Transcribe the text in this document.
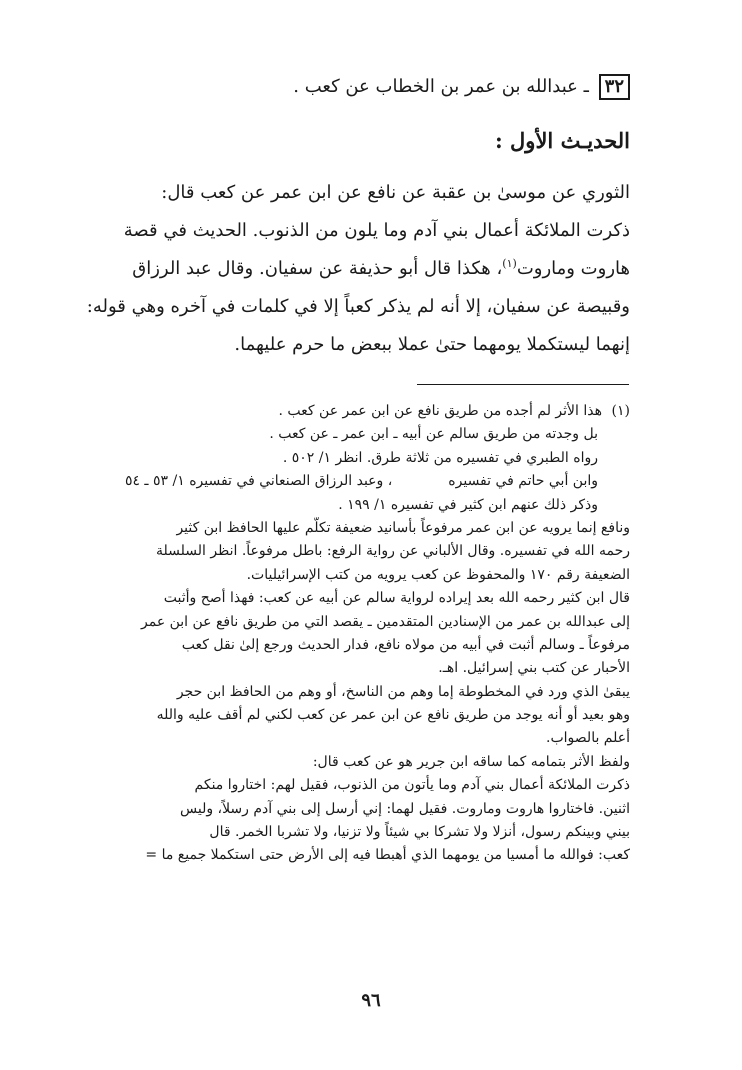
٣٢ ـ عبدالله بن عمر بن الخطاب عن كعب .
الحديـث الأول :
الثوري عن موسىٰ بن عقبة عن نافع عن ابن عمر عن كعب قال:
ذكرت الملائكة أعمال بني آدم وما يلون من الذنوب. الحديث في قصة
هاروت وماروت$^{(١)}$، هكذا قال أبو حذيفة عن سفيان. وقال عبد الرزاق
وقبيصة عن سفيان، إلا أنه لم يذكر كعباً إلا في كلمات في آخره وهي قوله:
إنهما ليستكملا يومهما حتىٰ عملا ببعض ما حرم عليهما.
(١)هذا الأثر لم أجده من طريق نافع عن ابن عمر عن كعب .
بل وجدته من طريق سالم عن أبيه ـ ابن عمر ـ عن كعب .
رواه الطبري في تفسيره من ثلاثة طرق. انظر ١/ ٥٠٢ .
وابن أبي حاتم في تفسيره، وعبد الرزاق الصنعاني في تفسيره ١/ ٥٣ ـ ٥٤
وذكر ذلك عنهم ابن كثير في تفسيره ١/ ١٩٩ .
ونافع إنما يرويه عن ابن عمر مرفوعاً بأسانيد ضعيفة تكلّم عليها الحافظ ابن كثير
رحمه الله في تفسيره. وقال الألباني عن رواية الرفع: باطل مرفوعاً. انظر السلسلة
الضعيفة رقم ١٧٠ والمحفوظ عن كعب يرويه من كتب الإسرائيليات.
قال ابن كثير رحمه الله بعد إيراده لرواية سالم عن أبيه عن كعب: فهذا أصح وأثبت
إلى عبدالله بن عمر من الإسنادين المتقدمين ـ يقصد التي من طريق نافع عن ابن عمر
مرفوعاً ـ وسالم أثبت في أبيه من مولاه نافع، فدار الحديث ورجع إلىٰ نقل كعب
الأحبار عن كتب بني إسرائيل. اهـ.
يبقىٰ الذي ورد في المخطوطة إما وهم من الناسخ، أو وهم من الحافظ ابن حجر
وهو بعيد أو أنه يوجد من طريق نافع عن ابن عمر عن كعب لكني لم أقف عليه والله
أعلم بالصواب.
ولفظ الأثر بتمامه كما ساقه ابن جرير هو عن كعب قال:
ذكرت الملائكة أعمال بني آدم وما يأتون من الذنوب، فقيل لهم: اختاروا منكم
اثنين. فاختاروا هاروت وماروت. فقيل لهما: إني أرسل إلى بني آدم رسلاً، وليس
بيني وبينكم رسول، أنزلا ولا تشركا بي شيئاً ولا تزنيا، ولا تشربا الخمر. قال
كعب: فوالله ما أمسيا من يومهما الذي أهبطا فيه إلى الأرض حتى استكملا جميع ما =
٩٦
